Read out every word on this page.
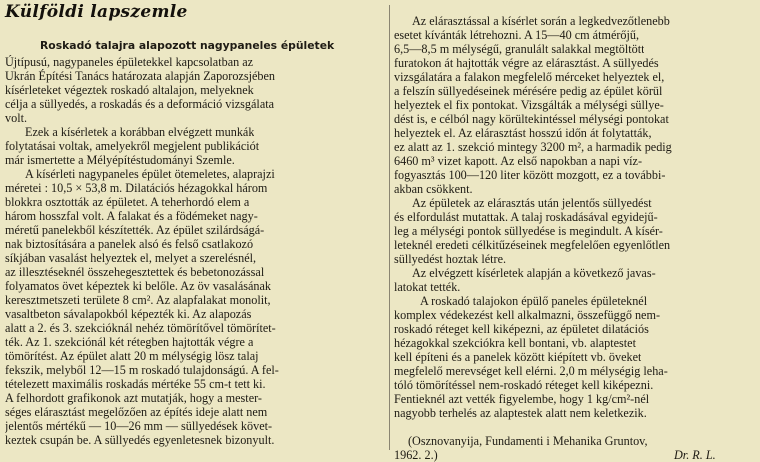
Külföldi lapszemle
Roskadó talajra alapozott nagypaneles épületek
Újtípusú, nagypaneles épületekkel kapcsolatban az
Ukrán Építési Tanács határozata alapján Zaporozsjében
kísérleteket végeztek roskadó altalajon, melyeknek
célja a süllyedés, a roskadás és a deformáció vizsgálata
volt.
Ezek a kísérletek a korábban elvégzett munkák
folytatásai voltak, amelyekről megjelent publikációt
már ismertette a Mélyépítéstudományi Szemle.
A kísérleti nagypaneles épület ötemeletes, alaprajzi
méretei : 10,5 × 53,8 m. Dilatációs hézagokkal három
blokkra osztották az épületet. A teherhordó elem a
három hosszfal volt. A falakat és a födémeket nagy-
méretű panelekből készítették. Az épület szilárdságá-
nak biztosítására a panelek alsó és felső csatlakozó
síkjában vasalást helyeztek el, melyet a szerelésnél,
az illesztéseknél összehegesztettek és bebetonozással
folyamatos övet képeztek ki belőle. Az öv vasalásának
keresztmetszeti területe 8 cm². Az alapfalakat monolit,
vasaltbeton sávalapokból képezték ki. Az alapozás
alatt a 2. és 3. szekcióknál nehéz tömörítővel tömörítet-
ték. Az 1. szekciónál két rétegben hajtották végre a
tömörítést. Az épület alatt 20 m mélységig lösz talaj
fekszik, melyből 12—15 m roskadó tulajdonságú. A fel-
tételezett maximális roskadás mértéke 55 cm-t tett ki.
A felhordott grafikonok azt mutatják, hogy a mester-
séges elárasztást megelőzően az építés ideje alatt nem
jelentős mértékű — 10—26 mm — süllyedések követ-
keztek csupán be. A süllyedés egyenletesnek bizonyult.
Az elárasztással a kísérlet során a legkedvezőtlenebb
esetet kívánták létrehozni. A 15—40 cm átmérőjű,
6,5—8,5 m mélységű, granulált salakkal megtöltött
furatokon át hajtották végre az elárasztást. A süllyedés
vizsgálatára a falakon megfelelő mérceket helyeztek el,
a felszín süllyedéseinek mérésére pedig az épület körül
helyeztek el fix pontokat. Vizsgálták a mélységi süllye-
dést is, e célból nagy körültekintéssel mélységi pontokat
helyeztek el. Az elárasztást hosszú időn át folytatták,
ez alatt az 1. szekció mintegy 3200 m², a harmadik pedig
6460 m³ vizet kapott. Az első napokban a napi víz-
fogyasztás 100—120 liter között mozgott, ez a további-
akban csökkent.
Az épületek az elárasztás után jelentős süllyedést
és elfordulást mutattak. A talaj roskadásával egyidejű-
leg a mélységi pontok süllyedése is megindult. A kísér-
leteknél eredeti célkitűzéseinek megfelelően egyenlőtlen
süllyedést hoztak létre.
Az elvégzett kísérletek alapján a következő javas-
latokat tették.
A roskadó talajokon épülő paneles épületeknél
komplex védekezést kell alkalmazni, összefüggő nem-
roskadó réteget kell kiképezni, az épületet dilatációs
hézagokkal szekciókra kell bontani, vb. alaptestet
kell építeni és a panelek között kiépített vb. öveket
megfelelő merevséget kell elérni. 2,0 m mélységig leha-
tóló tömörítéssel nem-roskadó réteget kell kiképezni.
Fentieknél azt vették figyelembe, hogy 1 kg/cm²-nél
nagyobb terhelés az alaptestek alatt nem keletkezik.
(Osznovanyija, Fundamenti i Mehanika Gruntov,
1962. 2.)	Dr. R. L.
